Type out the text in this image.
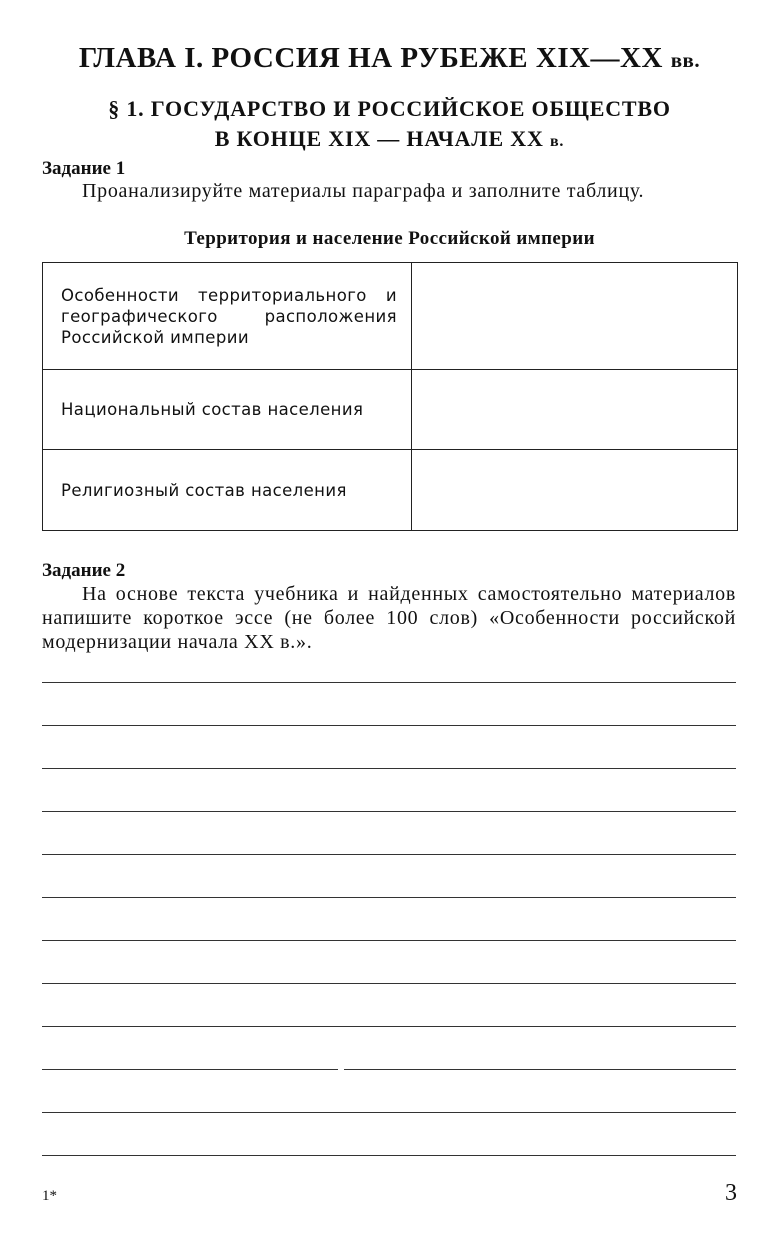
ГЛАВА I. РОССИЯ НА РУБЕЖЕ XIX—XX вв.
§ 1. ГОСУДАРСТВО И РОССИЙСКОЕ ОБЩЕСТВО
В КОНЦЕ XIX — НАЧАЛЕ XX в.
Задание 1

Проанализируйте материалы параграфа и заполните таблицу.

Территория и население Российской империи
Особенности территориального и географического расположения Российской империи	
Национальный состав населения	
Религиозный состав населения	
Задание 2

На основе текста учебника и найденных самостоятельно материалов напишите короткое эссе (не более 100 слов) «Особенности российской модернизации начала XX в.».

1*	3
